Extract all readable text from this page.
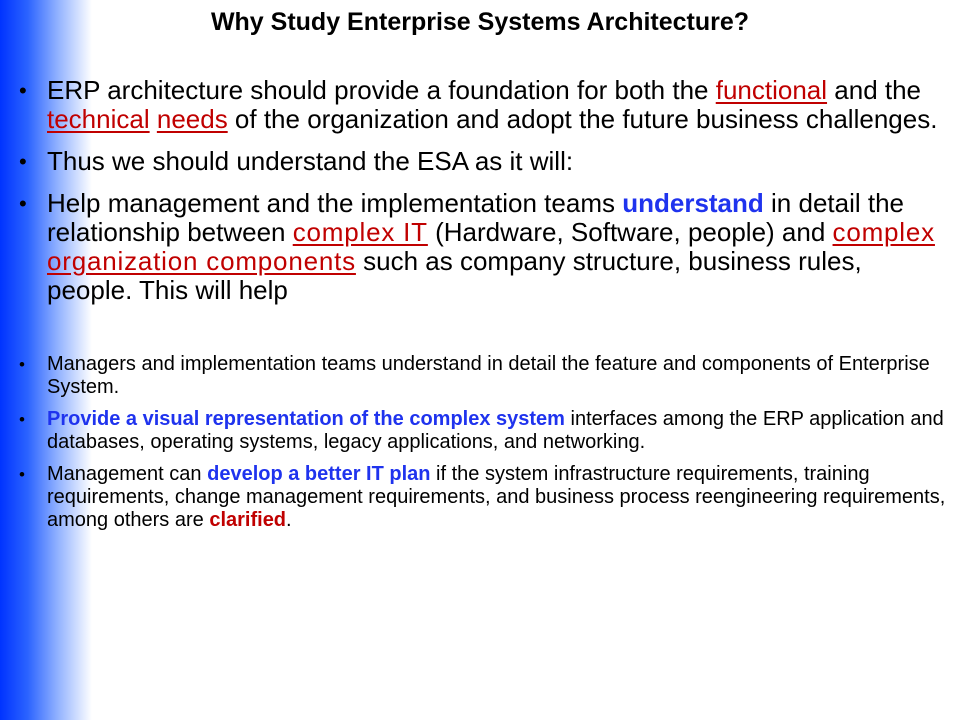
Why Study Enterprise Systems Architecture?
• ERP architecture should provide a foundation for both the functional and the technical needs of the organization and adopt the future business challenges.
• Thus we should understand the ESA as it will:
• Help management and the implementation teams understand in detail the relationship between complex IT (Hardware, Software, people) and complex organization components such as company structure, business rules, people. This will help
• Managers and implementation teams understand in detail the feature and components of Enterprise System.
• Provide a visual representation of the complex system interfaces among the ERP application and databases, operating systems, legacy applications, and networking.
• Management can develop a better IT plan if the system infrastructure requirements, training requirements, change management requirements, and business process reengineering requirements, among others are clarified.
